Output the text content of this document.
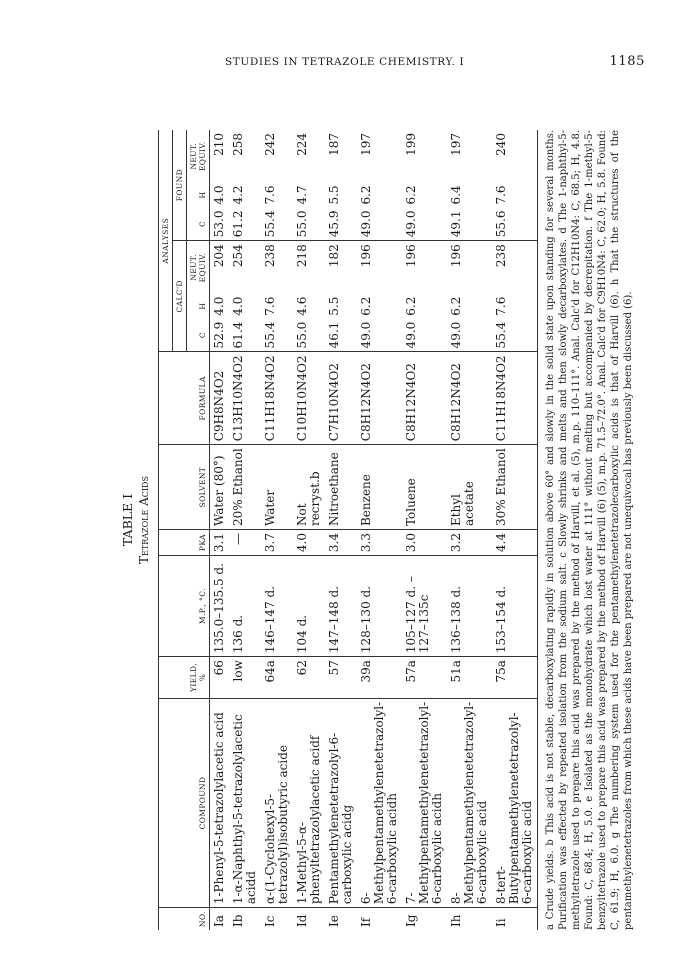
STUDIES IN TETRAZOLE CHEMISTRY. I	1185
TABLE I Tetrazole Acids
NO.	COMPOUND	YIELD, %	M.P., °C.	PKA	SOLVENT	FORMULA	ANALYSES					
							CALC'D			FOUND		
							C	H	NEUT. EQUIV.	C	H	NEUT. EQUIV.
Ia	1-Phenyl-5-tetrazolylacetic acid	66	135.0–135.5 d.	3.1	Water (80°)	C9H8N4O2	52.9	4.0	204	53.0	4.0	210
Ib	1-α-Naphthyl-5-tetrazolylacetic acidd	low	136 d.	—	20% Ethanol	C13H10N4O2	61.4	4.0	254	61.2	4.2	258
Ic	α-(1-Cyclohexyl-5-tetrazolyl)isobutyric acide	64a	146–147 d.	3.7	Water	C11H18N4O2	55.4	7.6	238	55.4	7.6	242
Id	1-Methyl-5-α-phenyltetrazolylacetic acidf	62	104 d.	4.0	Not recryst.b	C10H10N4O2	55.0	4.6	218	55.0	4.7	224
Ie	Pentamethylenetetrazolyl-6-carboxylic acidg	57	147–148 d.	3.4	Nitroethane	C7H10N4O2	46.1	5.5	182	45.9	5.5	187
If	6-Methylpentamethylenetetrazolyl-6-carboxylic acidh	39a	128–130 d.	3.3	Benzene	C8H12N4O2	49.0	6.2	196	49.0	6.2	197
Ig	7-Methylpentamethylenetetrazolyl-6-carboxylic acidh	57a	105–127 d. –127–135c	3.0	Toluene	C8H12N4O2	49.0	6.2	196	49.0	6.2	199
Ih	8-Methylpentamethylenetetrazolyl-6-carboxylic acid	51a	136–138 d.	3.2	Ethyl acetate	C8H12N4O2	49.0	6.2	196	49.1	6.4	197
Ii	8-tert-Butylpentamethylenetetrazolyl-6-carboxylic acid	75a	153–154 d.	4.4	30% Ethanol	C11H18N4O2	55.4	7.6	238	55.6	7.6	240	a Crude yields. b This acid is not stable, decarboxylating rapidly in solution above 60° and slowly in the solid state upon standing for several months. Purification was effected by repeated isolation from the sodium salt. c Slowly shrinks and melts and then slowly decarboxylates. d The 1-naphthyl-5-methyltetrazole used to prepare this acid was prepared by the method of Harvill, et al. (5), m.p. 110–111°. Anal. Calc'd for C12H10N4: C, 68.5; H, 4.8. Found: C, 68.4; H, 5.0. e Isolated as the monohydrate which lost water at 111° without melting but accompanied by decrepitation. f The 1-methyl-5-benzyltetrazole used to prepare this acid was prepared by the method of Harvill (6) (5), m.p. 71.5–72.0°. Anal. Calc'd for C9H10N4: C, 62.0; H, 5.8. Found: C, 61.9; H, 6.0. g The numbering system used for the pentamethylenetetrazolecarboxylic acids is that of Harvill (6). h That the structures of the pentamethylenetetrazoles from which these acids have been prepared are not unequivocal has previously been discussed (6).
